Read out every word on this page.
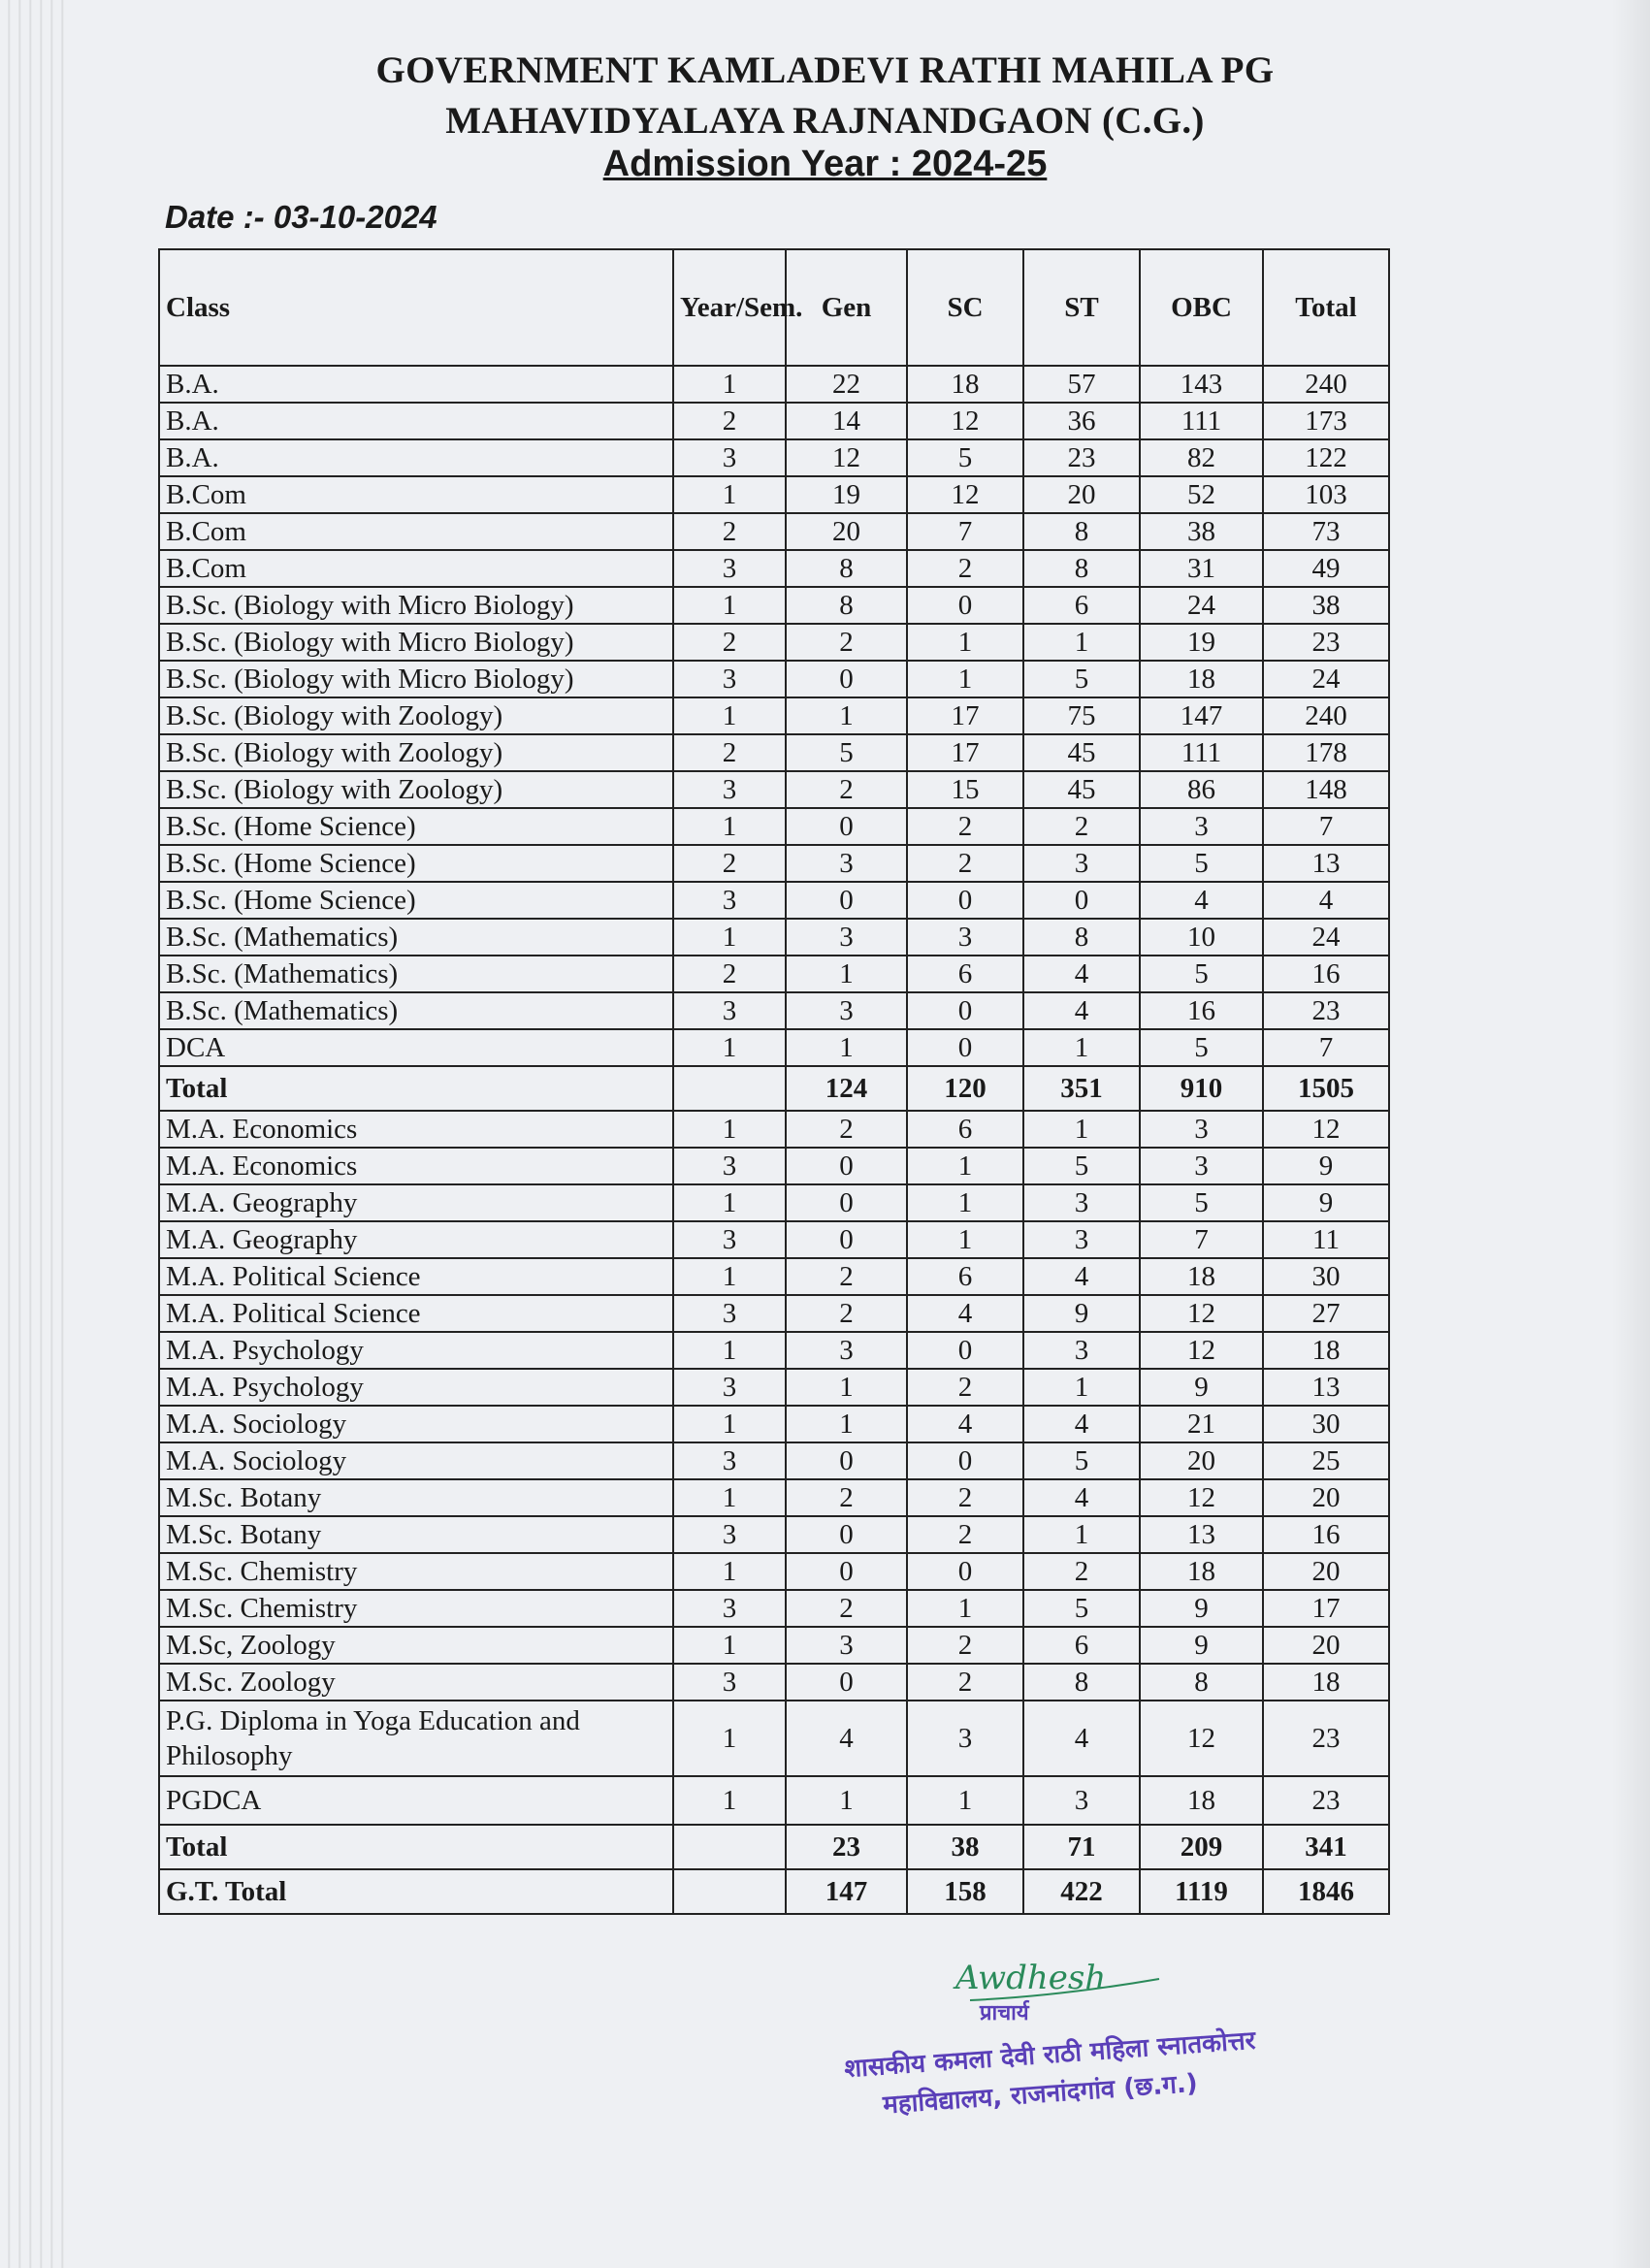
GOVERNMENT KAMLADEVI RATHI MAHILA PG
MAHAVIDYALAYA RAJNANDGAON (C.G.)
Admission Year : 2024-25
Date :- 03-10-2024
Class	Year/Sem.	Gen	SC	ST	OBC	Total
B.A.	1	22	18	57	143	240
B.A.	2	14	12	36	111	173
B.A.	3	12	5	23	82	122
B.Com	1	19	12	20	52	103
B.Com	2	20	7	8	38	73
B.Com	3	8	2	8	31	49
B.Sc. (Biology with Micro Biology)	1	8	0	6	24	38
B.Sc. (Biology with Micro Biology)	2	2	1	1	19	23
B.Sc. (Biology with Micro Biology)	3	0	1	5	18	24
B.Sc. (Biology with Zoology)	1	1	17	75	147	240
B.Sc. (Biology with Zoology)	2	5	17	45	111	178
B.Sc. (Biology with Zoology)	3	2	15	45	86	148
B.Sc. (Home Science)	1	0	2	2	3	7
B.Sc. (Home Science)	2	3	2	3	5	13
B.Sc. (Home Science)	3	0	0	0	4	4
B.Sc. (Mathematics)	1	3	3	8	10	24
B.Sc. (Mathematics)	2	1	6	4	5	16
B.Sc. (Mathematics)	3	3	0	4	16	23
DCA	1	1	0	1	5	7
Total		124	120	351	910	1505
M.A. Economics	1	2	6	1	3	12
M.A. Economics	3	0	1	5	3	9
M.A. Geography	1	0	1	3	5	9
M.A. Geography	3	0	1	3	7	11
M.A. Political Science	1	2	6	4	18	30
M.A. Political Science	3	2	4	9	12	27
M.A. Psychology	1	3	0	3	12	18
M.A. Psychology	3	1	2	1	9	13
M.A. Sociology	1	1	4	4	21	30
M.A. Sociology	3	0	0	5	20	25
M.Sc. Botany	1	2	2	4	12	20
M.Sc. Botany	3	0	2	1	13	16
M.Sc. Chemistry	1	0	0	2	18	20
M.Sc. Chemistry	3	2	1	5	9	17
M.Sc, Zoology	1	3	2	6	9	20
M.Sc. Zoology	3	0	2	8	8	18
P.G. Diploma in Yoga Education and Philosophy	1	4	3	4	12	23
PGDCA	1	1	1	3	18	23
Total		23	38	71	209	341
G.T. Total		147	158	422	1119	1846
Awdhesh
प्राचार्य
शासकीय कमला देवी राठी महिला स्नातकोत्तर
महाविद्यालय, राजनांदगांव (छ.ग.)
